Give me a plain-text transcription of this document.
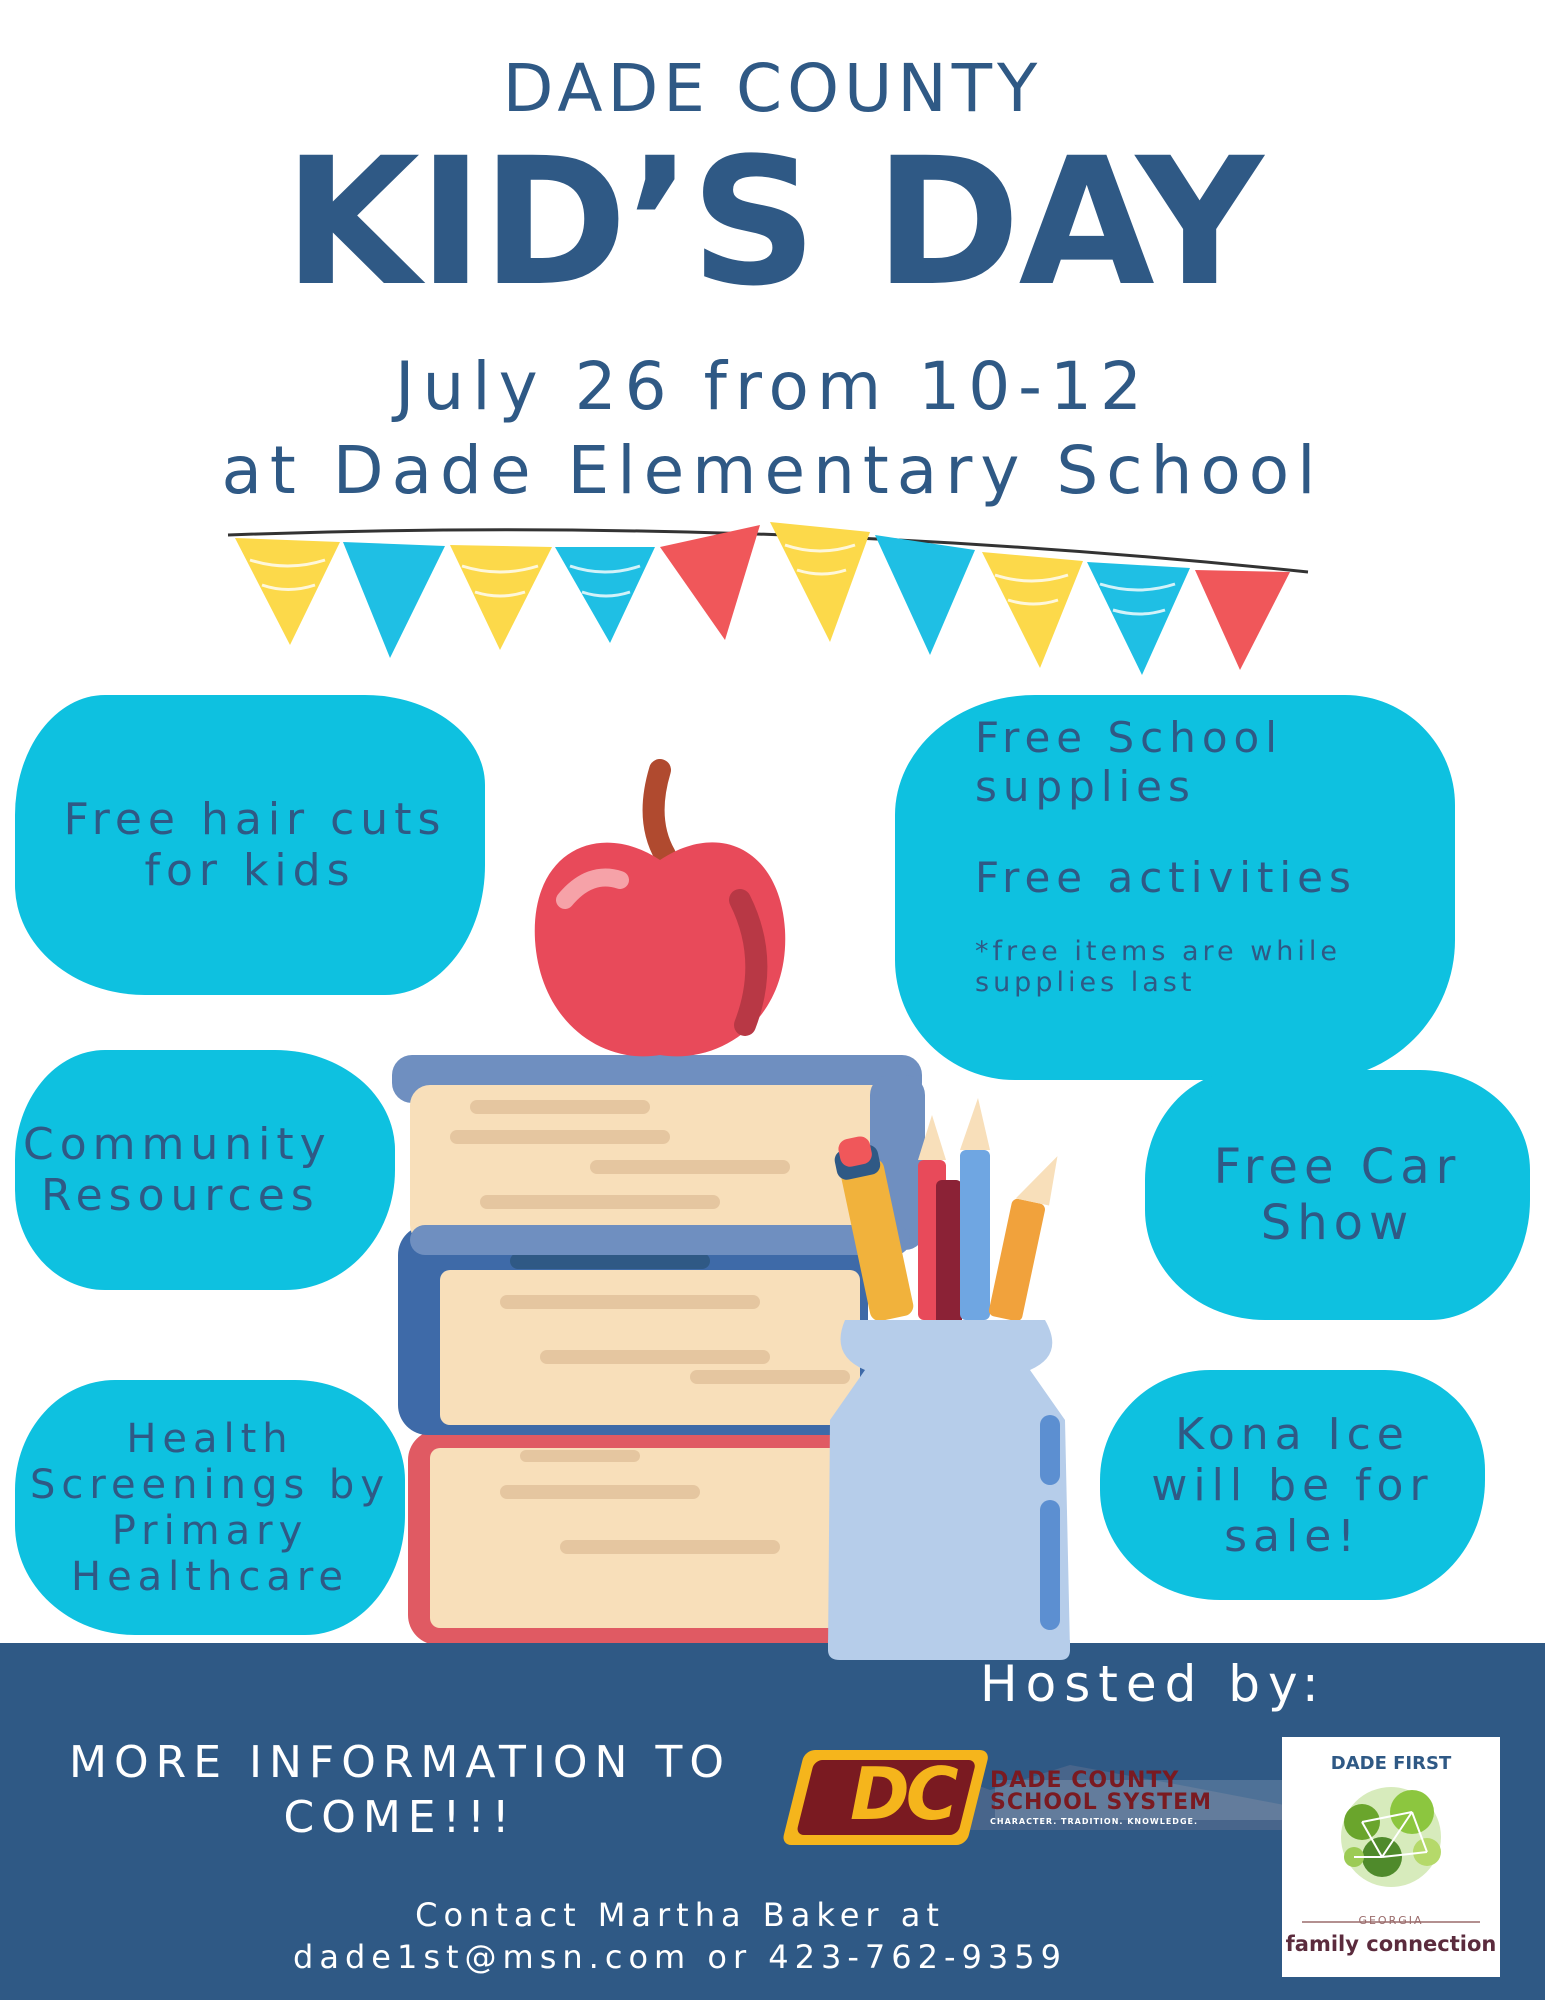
DADE COUNTY
KID’S DAY
July 26 from 10-12
at Dade Elementary School
Free hair cuts
for kids
Free School
supplies
Free activities
*free items are while
supplies last
Community
Resources
Free Car
Show
Health
Screenings by
Primary
Healthcare
Kona Ice
will be for
sale!
Hosted by:
MORE INFORMATION TO
COME!!!
Contact Martha Baker at
dade1st@msn.com or 423-762-9359
DC DADE COUNTY
SCHOOL SYSTEM
CHARACTER. TRADITION. KNOWLEDGE.
DADE FIRST
GEORGIA
family connection
